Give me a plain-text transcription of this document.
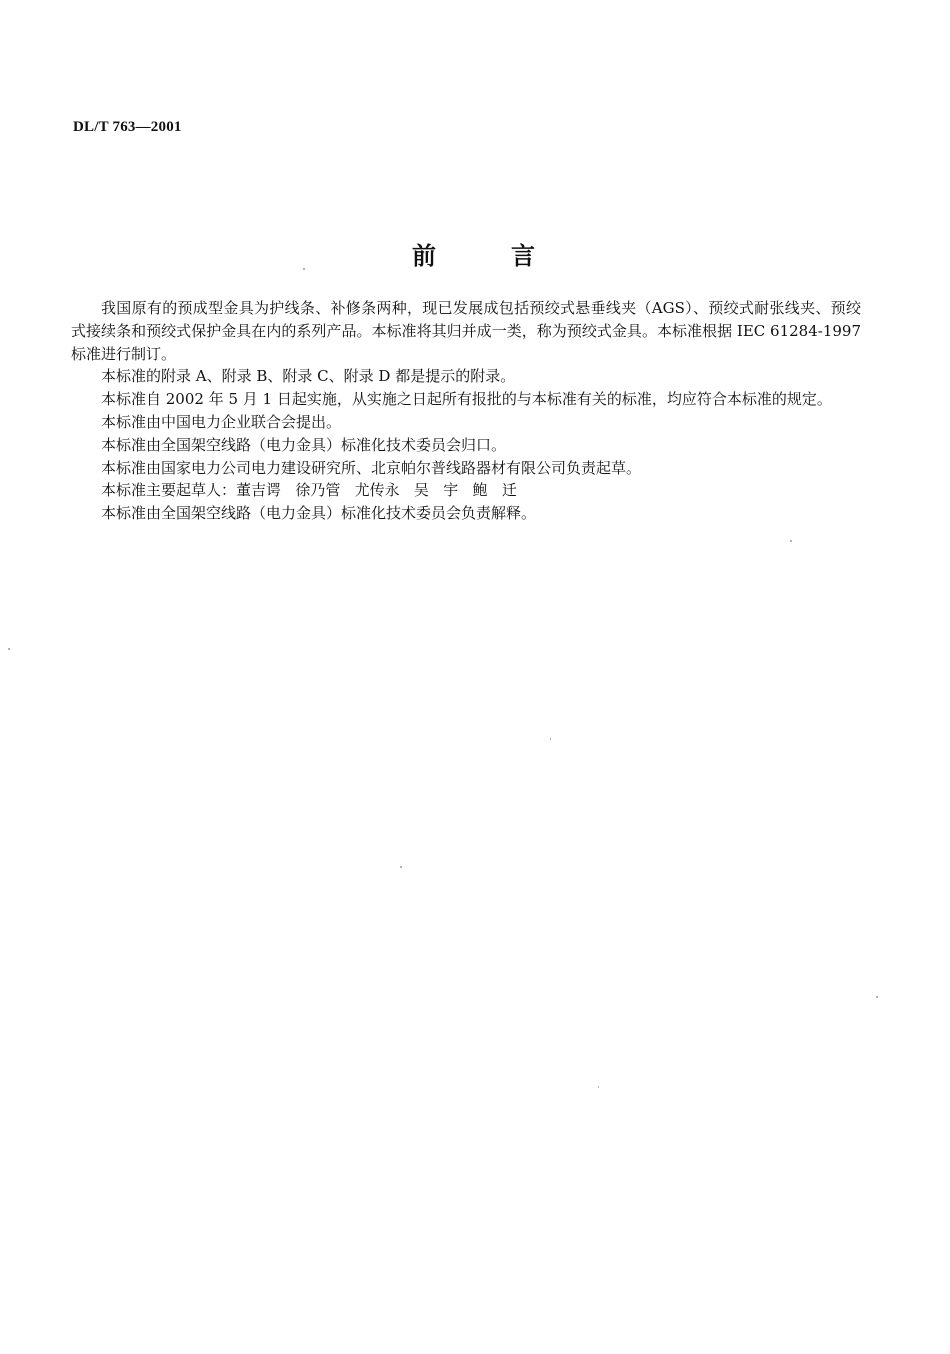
DL/T 763—2001
前	言

我国原有的预成型金具为护线条、补修条两种，现已发展成包括预绞式悬垂线夹（AGS）、预绞式耐张线夹、预绞式接续条和预绞式保护金具在内的系列产品。本标准将其归并成一类，称为预绞式金具。本标准根据 IEC 61284-1997 标准进行制订。

本标准的附录 A、附录 B、附录 C、附录 D 都是提示的附录。

本标准自 2002 年 5 月 1 日起实施，从实施之日起所有报批的与本标准有关的标准，均应符合本标准的规定。

本标准由中国电力企业联合会提出。

本标准由全国架空线路（电力金具）标准化技术委员会归口。

本标准由国家电力公司电力建设研究所、北京帕尔普线路器材有限公司负责起草。

本标准主要起草人：董吉谔   徐乃管   尤传永   吴   宇   鲍   迁

本标准由全国架空线路（电力金具）标准化技术委员会负责解释。
